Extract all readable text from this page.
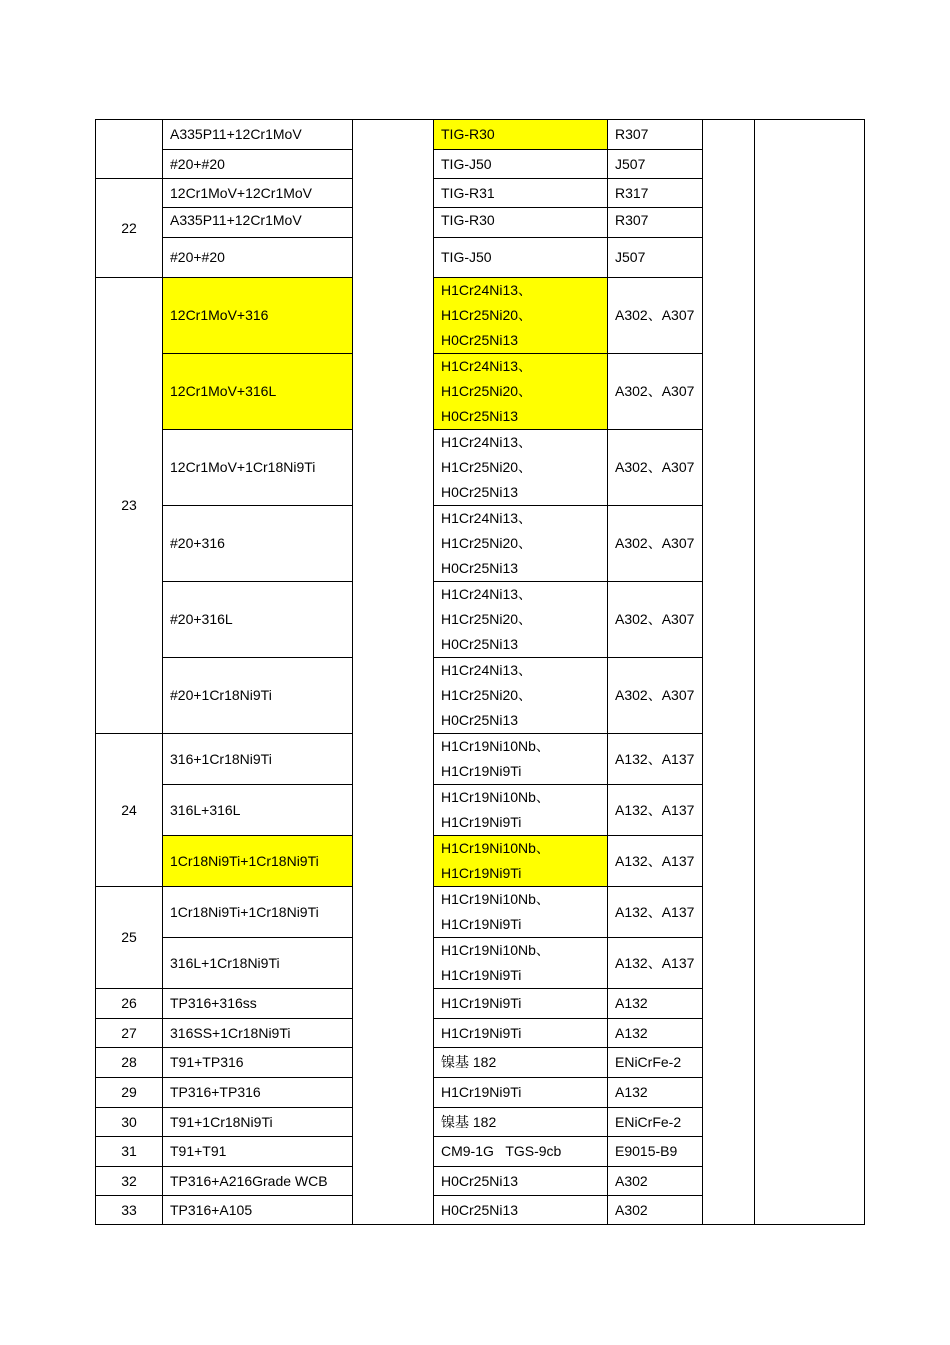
	A335P11+12Cr1MoV		TIG-R30	R307		
	#20+#20		TIG-J50	J507		
22	12Cr1MoV+12Cr1MoV		TIG-R31	R317		
	A335P11+12Cr1MoV		TIG-R30	R307		
	#20+#20		TIG-J50	J507		
23	12Cr1MoV+316		H1Cr24Ni13、
H1Cr25Ni20、
H0Cr25Ni13	A302、A307		
	12Cr1MoV+316L		H1Cr24Ni13、
H1Cr25Ni20、
H0Cr25Ni13	A302、A307		
	12Cr1MoV+1Cr18Ni9Ti		H1Cr24Ni13、
H1Cr25Ni20、
H0Cr25Ni13	A302、A307		
	#20+316		H1Cr24Ni13、
H1Cr25Ni20、
H0Cr25Ni13	A302、A307		
	#20+316L		H1Cr24Ni13、
H1Cr25Ni20、
H0Cr25Ni13	A302、A307		
	#20+1Cr18Ni9Ti		H1Cr24Ni13、
H1Cr25Ni20、
H0Cr25Ni13	A302、A307		
24	316+1Cr18Ni9Ti		H1Cr19Ni10Nb、
H1Cr19Ni9Ti	A132、A137		
	316L+316L		H1Cr19Ni10Nb、
H1Cr19Ni9Ti	A132、A137		
	1Cr18Ni9Ti+1Cr18Ni9Ti		H1Cr19Ni10Nb、
H1Cr19Ni9Ti	A132、A137		
25	1Cr18Ni9Ti+1Cr18Ni9Ti		H1Cr19Ni10Nb、
H1Cr19Ni9Ti	A132、A137		
	316L+1Cr18Ni9Ti		H1Cr19Ni10Nb、
H1Cr19Ni9Ti	A132、A137		
26	TP316+316ss		H1Cr19Ni9Ti	A132		
27	316SS+1Cr18Ni9Ti		H1Cr19Ni9Ti	A132		
28	T91+TP316		镍基 182	ENiCrFe-2		
29	TP316+TP316		H1Cr19Ni9Ti	A132		
30	T91+1Cr18Ni9Ti		镍基 182	ENiCrFe-2		
31	T91+T91		CM9-1G   TGS-9cb	E9015-B9		
32	TP316+A216Grade WCB		H0Cr25Ni13	A302		
33	TP316+A105		H0Cr25Ni13	A302		
